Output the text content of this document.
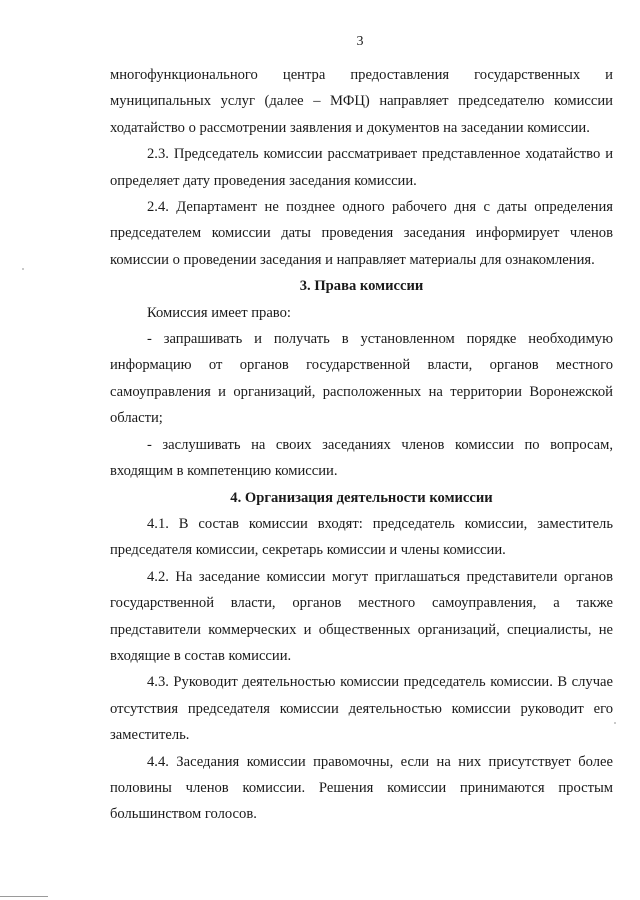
3

многофункционального центра предоставления государственных и муниципальных услуг (далее – МФЦ) направляет председателю комиссии ходатайство о рассмотрении заявления и документов на заседании комиссии.

2.3. Председатель комиссии рассматривает представленное ходатайство и определяет дату проведения заседания комиссии.

2.4. Департамент не позднее одного рабочего дня с даты определения председателем комиссии даты проведения заседания информирует членов комиссии о проведении заседания и направляет материалы для ознакомления.

3. Права комиссии

Комиссия имеет право:

- запрашивать и получать в установленном порядке необходимую информацию от органов государственной власти, органов местного самоуправления и организаций, расположенных на территории Воронежской области;

- заслушивать на своих заседаниях членов комиссии по вопросам, входящим в компетенцию комиссии.

4. Организация деятельности комиссии

4.1. В состав комиссии входят: председатель комиссии, заместитель председателя комиссии, секретарь комиссии и члены комиссии.

4.2. На заседание комиссии могут приглашаться представители органов государственной власти, органов местного самоуправления, а также представители коммерческих и общественных организаций, специалисты, не входящие в состав комиссии.

4.3. Руководит деятельностью комиссии председатель комиссии. В случае отсутствия председателя комиссии деятельностью комиссии руководит его заместитель.

4.4. Заседания комиссии правомочны, если на них присутствует более половины членов комиссии. Решения комиссии принимаются простым большинством голосов.
